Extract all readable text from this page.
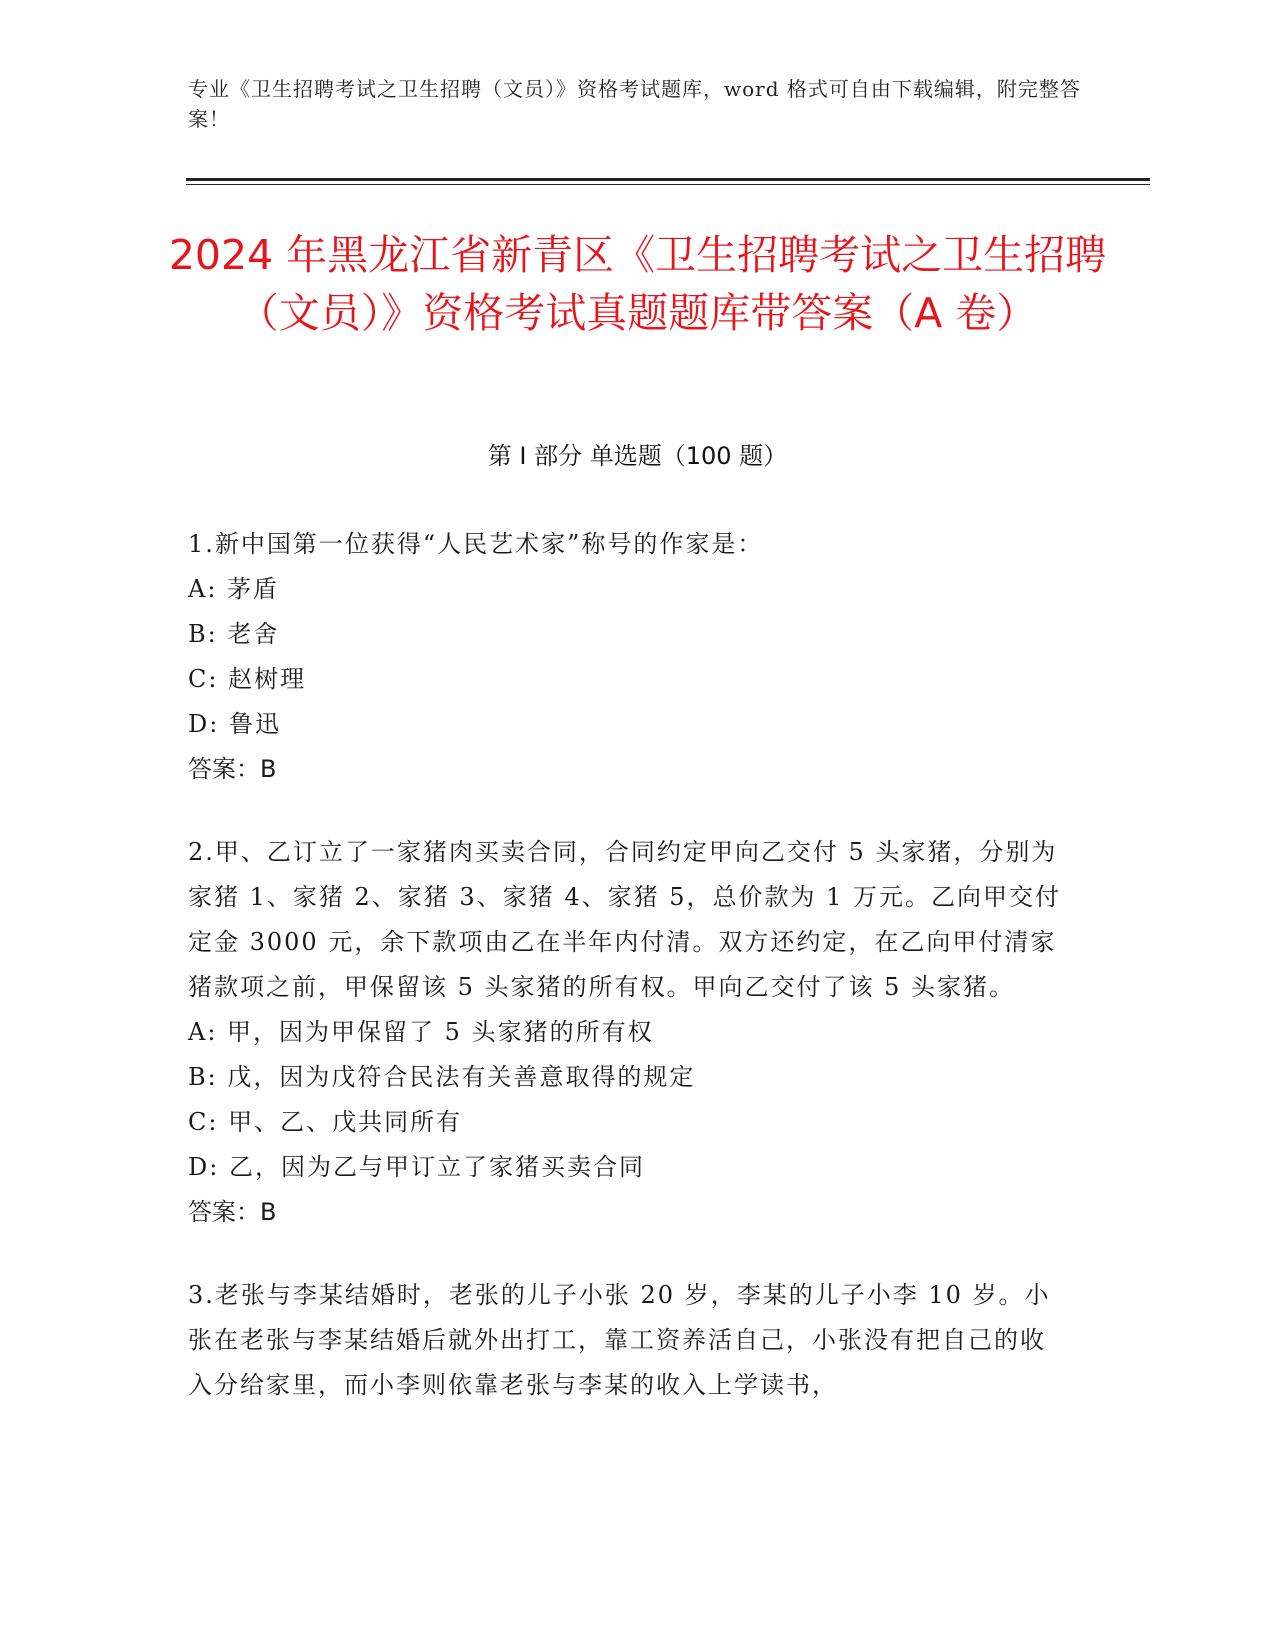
专业《卫生招聘考试之卫生招聘（文员）》资格考试题库，word 格式可自由下载编辑，附完整答案！
2024 年黑龙江省新青区《卫生招聘考试之卫生招聘（文员）》资格考试真题题库带答案（A 卷）
第 I 部分 单选题（100 题）

1.新中国第一位获得“人民艺术家”称号的作家是：

A: 茅盾

B: 老舍

C: 赵树理

D: 鲁迅

答案：B

2.甲、乙订立了一家猪肉买卖合同，合同约定甲向乙交付 5 头家猪，分别为家猪 1、家猪 2、家猪 3、家猪 4、家猪 5，总价款为 1 万元。乙向甲交付定金 3000 元，余下款项由乙在半年内付清。双方还约定，在乙向甲付清家猪款项之前，甲保留该 5 头家猪的所有权。甲向乙交付了该 5 头家猪。

A: 甲，因为甲保留了 5 头家猪的所有权

B: 戊，因为戊符合民法有关善意取得的规定

C: 甲、乙、戊共同所有

D: 乙，因为乙与甲订立了家猪买卖合同

答案：B

3.老张与李某结婚时，老张的儿子小张 20 岁，李某的儿子小李 10 岁。小张在老张与李某结婚后就外出打工，靠工资养活自己，小张没有把自己的收入分给家里，而小李则依靠老张与李某的收入上学读书，
